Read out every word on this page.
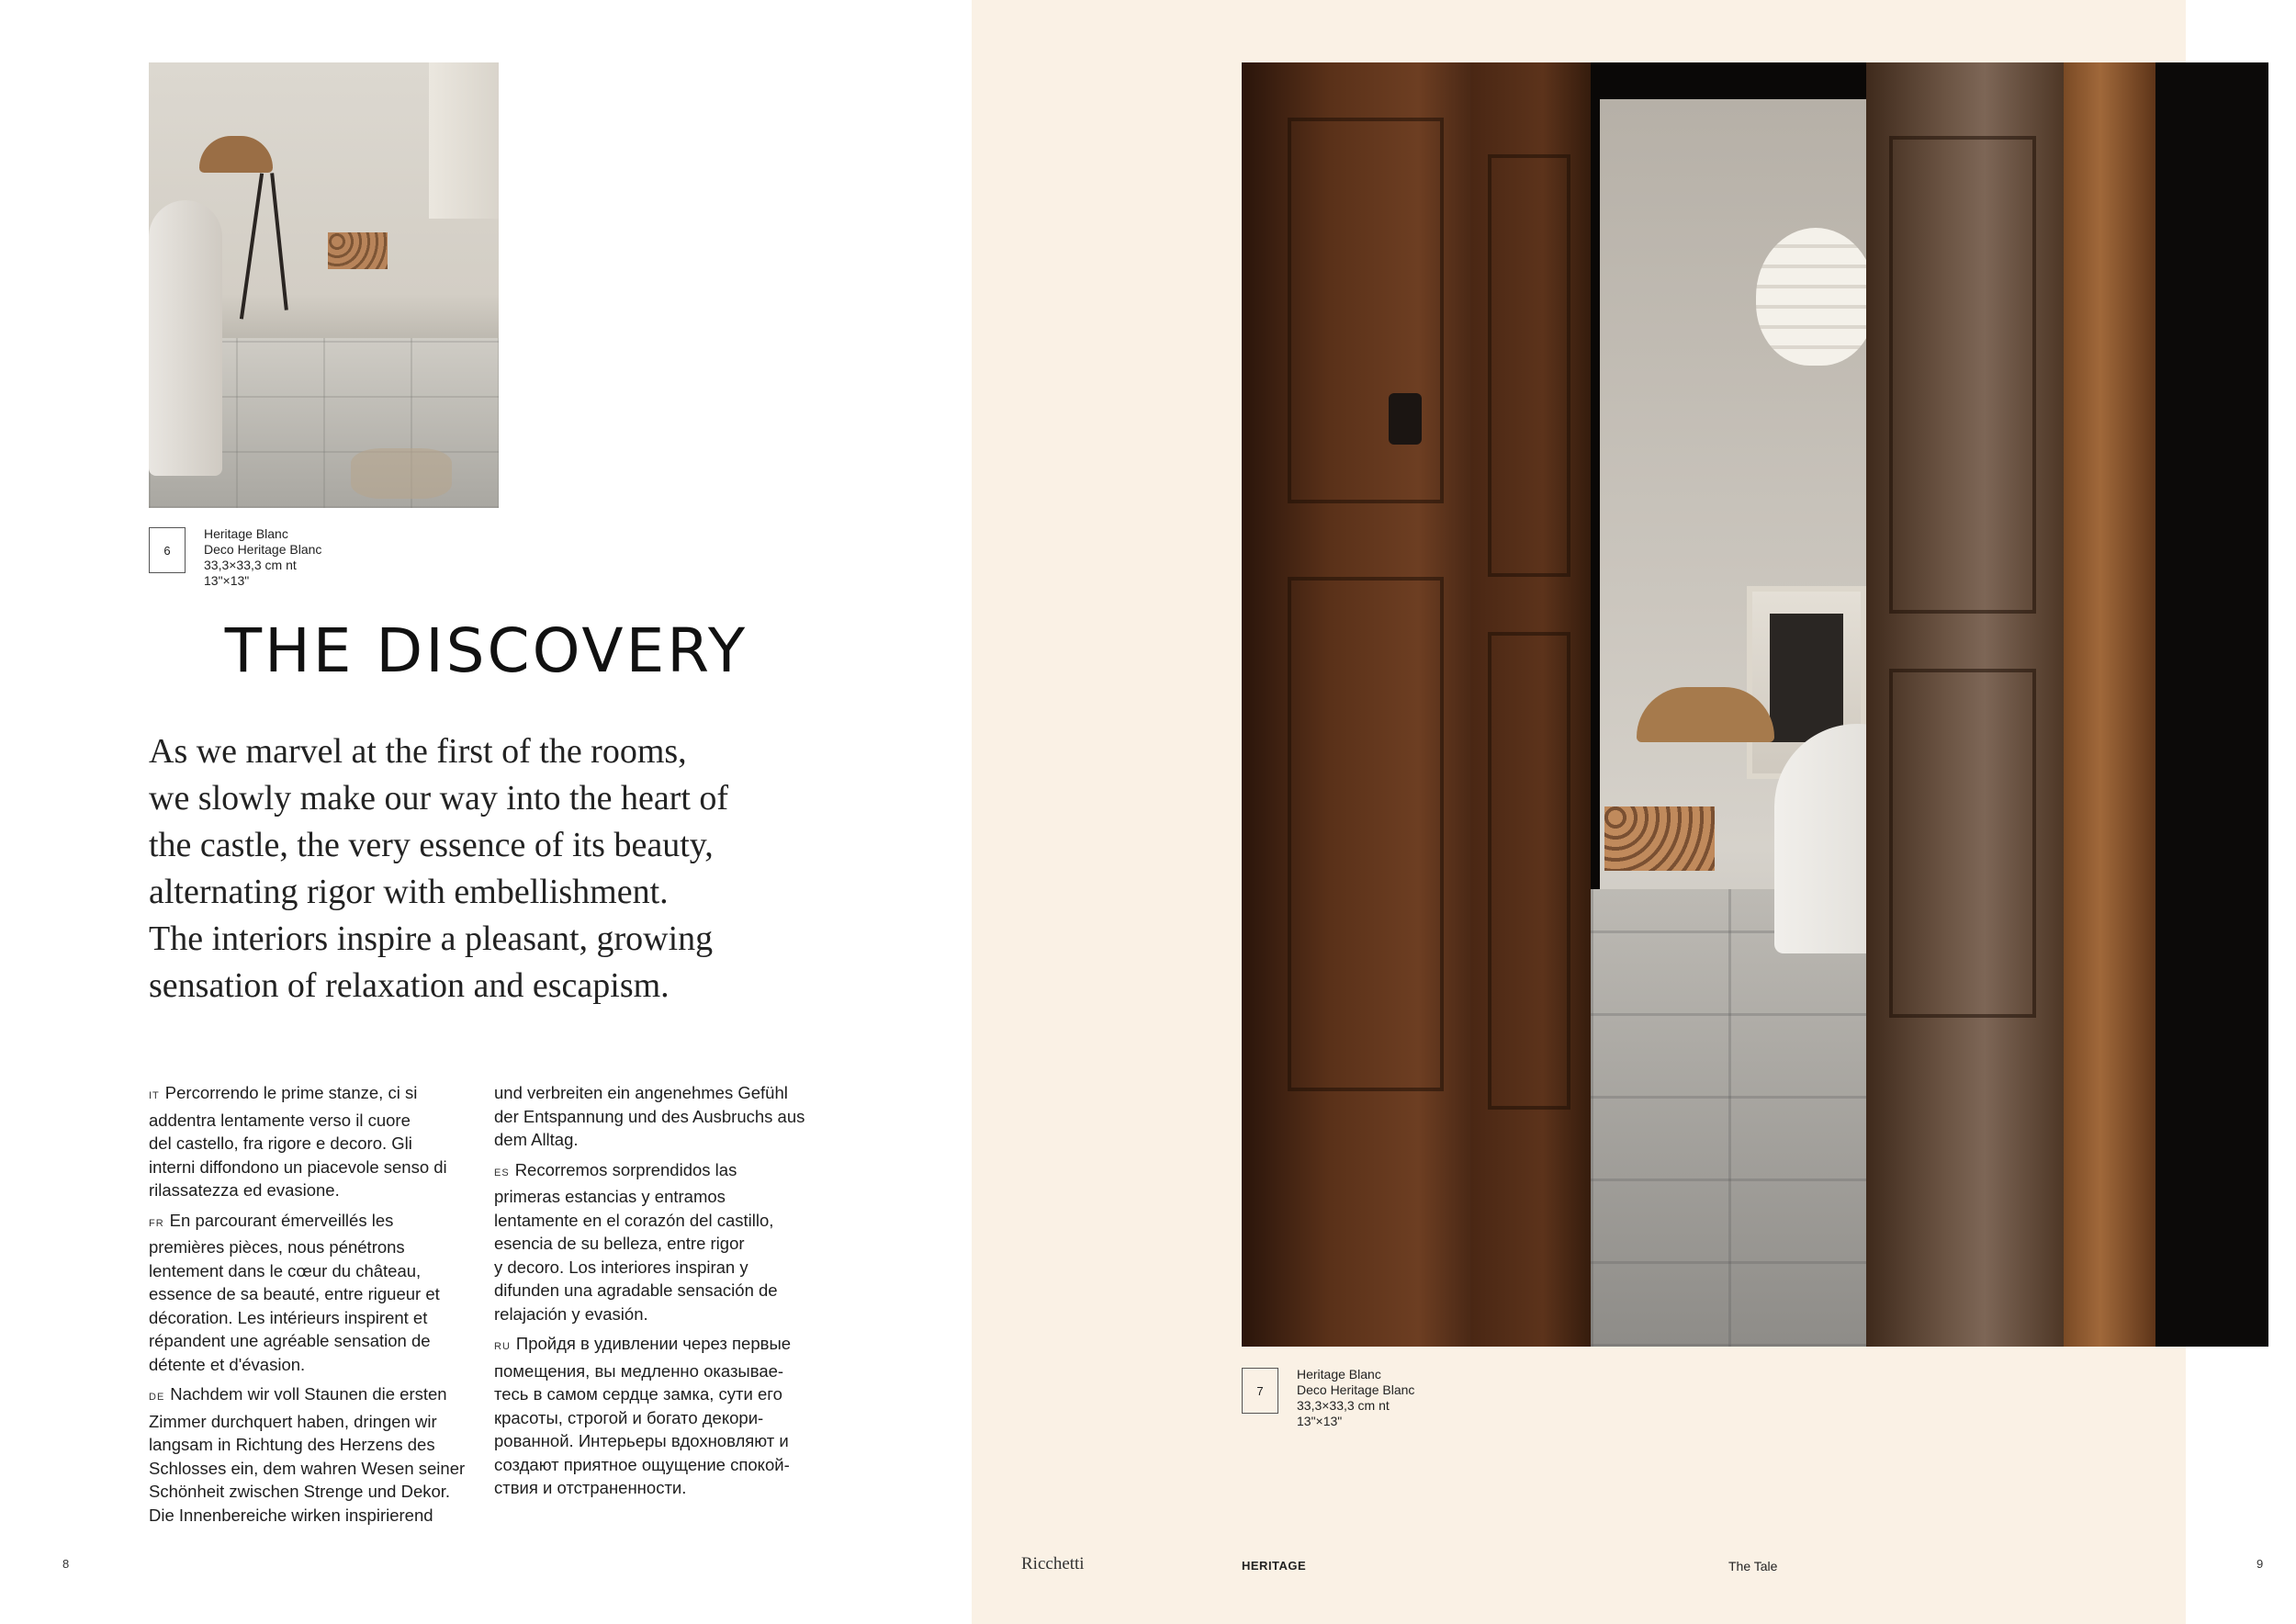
6
Heritage Blanc
Deco Heritage Blanc
33,3×33,3 cm nt
13"×13"
THE DISCOVERY
As we marvel at the first of the rooms,
we slowly make our way into the heart of
the castle, the very essence of its beauty,
alternating rigor with embellishment.
The interiors inspire a pleasant, growing
sensation of relaxation and escapism.

IT Percorrendo le prime stanze, ci si
addentra lentamente verso il cuore
del castello, fra rigore e decoro. Gli
interni diffondono un piacevole senso di
rilassatezza ed evasione.

FR En parcourant émerveillés les
premières pièces, nous pénétrons
lentement dans le cœur du château,
essence de sa beauté, entre rigueur et
décoration. Les intérieurs inspirent et
répandent une agréable sensation de
détente et d'évasion.

DE Nachdem wir voll Staunen die ersten
Zimmer durchquert haben, dringen wir
langsam in Richtung des Herzens des
Schlosses ein, dem wahren Wesen seiner
Schönheit zwischen Strenge und Dekor.
Die Innenbereiche wirken inspirierend

und verbreiten ein angenehmes Gefühl
der Entspannung und des Ausbruchs aus
dem Alltag.

ES Recorremos sorprendidos las
primeras estancias y entramos
lentamente en el corazón del castillo,
esencia de su belleza, entre rigor
y decoro. Los interiores inspiran y
difunden una agradable sensación de
relajación y evasión.

RU Пройдя в удивлении через первые
помещения, вы медленно оказывае-
тесь в самом сердце замка, сути его
красоты, строгой и богато декори-
рованной. Интерьеры вдохновляют и
создают приятное ощущение спокой-
ствия и отстраненности.

8
7
Heritage Blanc
Deco Heritage Blanc
33,3×33,3 cm nt
13"×13"
Ricchetti	HERITAGE	The Tale	9
